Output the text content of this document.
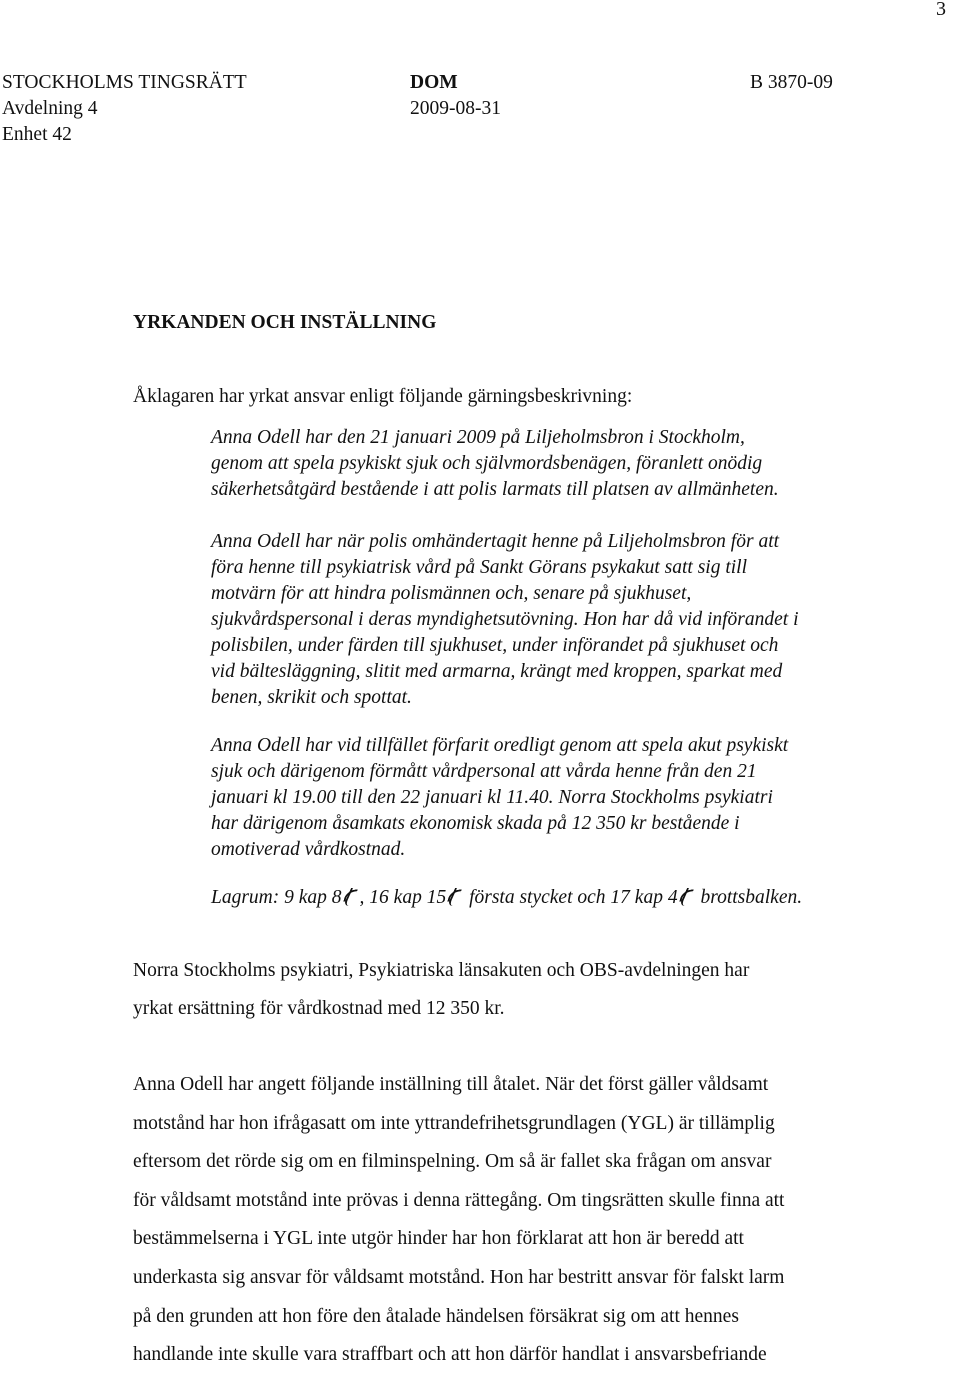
3
STOCKHOLMS TINGSRÄTT
Avdelning 4
Enhet 42
DOM
2009-08-31
B 3870-09
YRKANDEN OCH INSTÄLLNING
Åklagaren har yrkat ansvar enligt följande gärningsbeskrivning:
Anna Odell har den 21 januari 2009 på Liljeholmsbron i Stockholm,
genom att spela psykiskt sjuk och självmordsbenägen, föranlett onödig
säkerhetsåtgärd bestående i att polis larmats till platsen av allmänheten.
Anna Odell har när polis omhändertagit henne på Liljeholmsbron för att
föra henne till psykiatrisk vård på Sankt Görans psykakut satt sig till
motvärn för att hindra polismännen och, senare på sjukhuset,
sjukvårdspersonal i deras myndighetsutövning. Hon har då vid införandet i
polisbilen, under färden till sjukhuset, under införandet på sjukhuset och
vid bältesläggning, slitit med armarna, krängt med kroppen, sparkat med
benen, skrikit och spottat.
Anna Odell har vid tillfället förfarit oredligt genom att spela akut psykiskt
sjuk och därigenom förmått vårdpersonal att vårda henne från den 21
januari kl 19.00 till den 22 januari kl 11.40. Norra Stockholms psykiatri
har därigenom åsamkats ekonomisk skada på 12 350 kr bestående i
omotiverad vårdkostnad.
Lagrum: 9 kap 8 , 16 kap 15 första stycket och 17 kap 4 brottsbalken.
Norra Stockholms psykiatri, Psykiatriska länsakuten och OBS-avdelningen har
yrkat ersättning för vårdkostnad med 12 350 kr.
Anna Odell har angett följande inställning till åtalet. När det först gäller våldsamt
motstånd har hon ifrågasatt om inte yttrandefrihetsgrundlagen (YGL) är tillämplig
eftersom det rörde sig om en filminspelning. Om så är fallet ska frågan om ansvar
för våldsamt motstånd inte prövas i denna rättegång. Om tingsrätten skulle finna att
bestämmelserna i YGL inte utgör hinder har hon förklarat att hon är beredd att
underkasta sig ansvar för våldsamt motstånd. Hon har bestritt ansvar för falskt larm
på den grunden att hon före den åtalade händelsen försäkrat sig om att hennes
handlande inte skulle vara straffbart och att hon därför handlat i ansvarsbefriande
